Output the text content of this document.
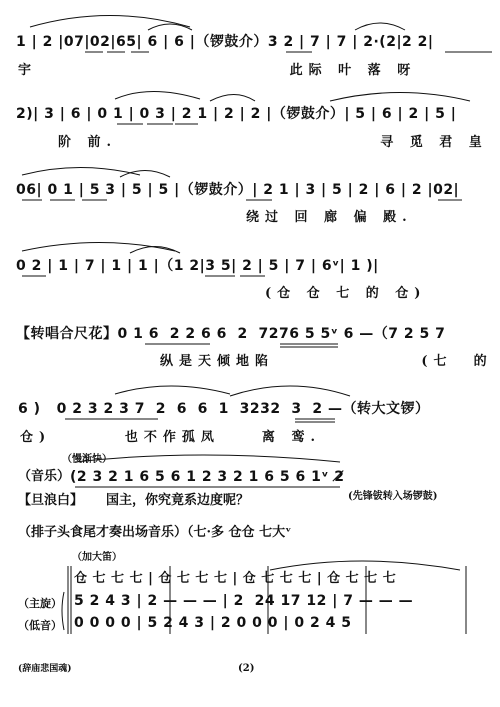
1 | 2 |07|02|65| 6 | 6 |（锣鼓介）3 2 | 7 | 7 | 2·(2|2 2|
宇                        此际 叶 落 呀
2)| 3 | 6 | 0 1 | 0 3 | 2 1 | 2 | 2 |（锣鼓介）| 5 | 6 | 2 | 5 |
阶 前.                         寻 觅 君 皇
06| 0 1 | 5 3 | 5 | 5 |（锣鼓介）| 2 1 | 3 | 5 | 2 | 6 | 2 |02|
绕过 回 廊 偏 殿.
0 2 | 1 | 7 | 1 | 1 |（1 2|3 5| 2 | 5 | 7 | 6ᵛ| 1 )|
(仓 仓 七 的 仓)
【转唱合尺花】0 1 6  2 2 6 6  2  7276 5 5ᵛ 6 —（7 2 5 7
纵是天倾地陷              (七  的
6 )   0 2 3 2 3 7  2  6  6  1  3232  3  2 —（转大文锣）
仓)       也不作孤凤    离 鸾.
（慢渐快）
（音乐） (2 3 2 1 6 5 6 1 2 3 2 1 6 5 6 1ᵛ 2̸
(先锋钹转入场锣鼓)
【旦浪白】 国主，你究竟系边度呢？
（排子头食尾才奏出场音乐）（七·多 仓仓 七大ᵛ
（加大笛）
仓 七 七 七 | 仓 七 七 七 | 仓 七 七 七 | 仓 七 七 七
（主旋） 5 2 4 3 | 2 — — — | 2  24 17 12 | 7 — — —
（低音） 0 0 0 0 | 5 2 4 3 | 2 0 0 0 | 0 2 4 5
(辞庙悲国魂)	(2)
